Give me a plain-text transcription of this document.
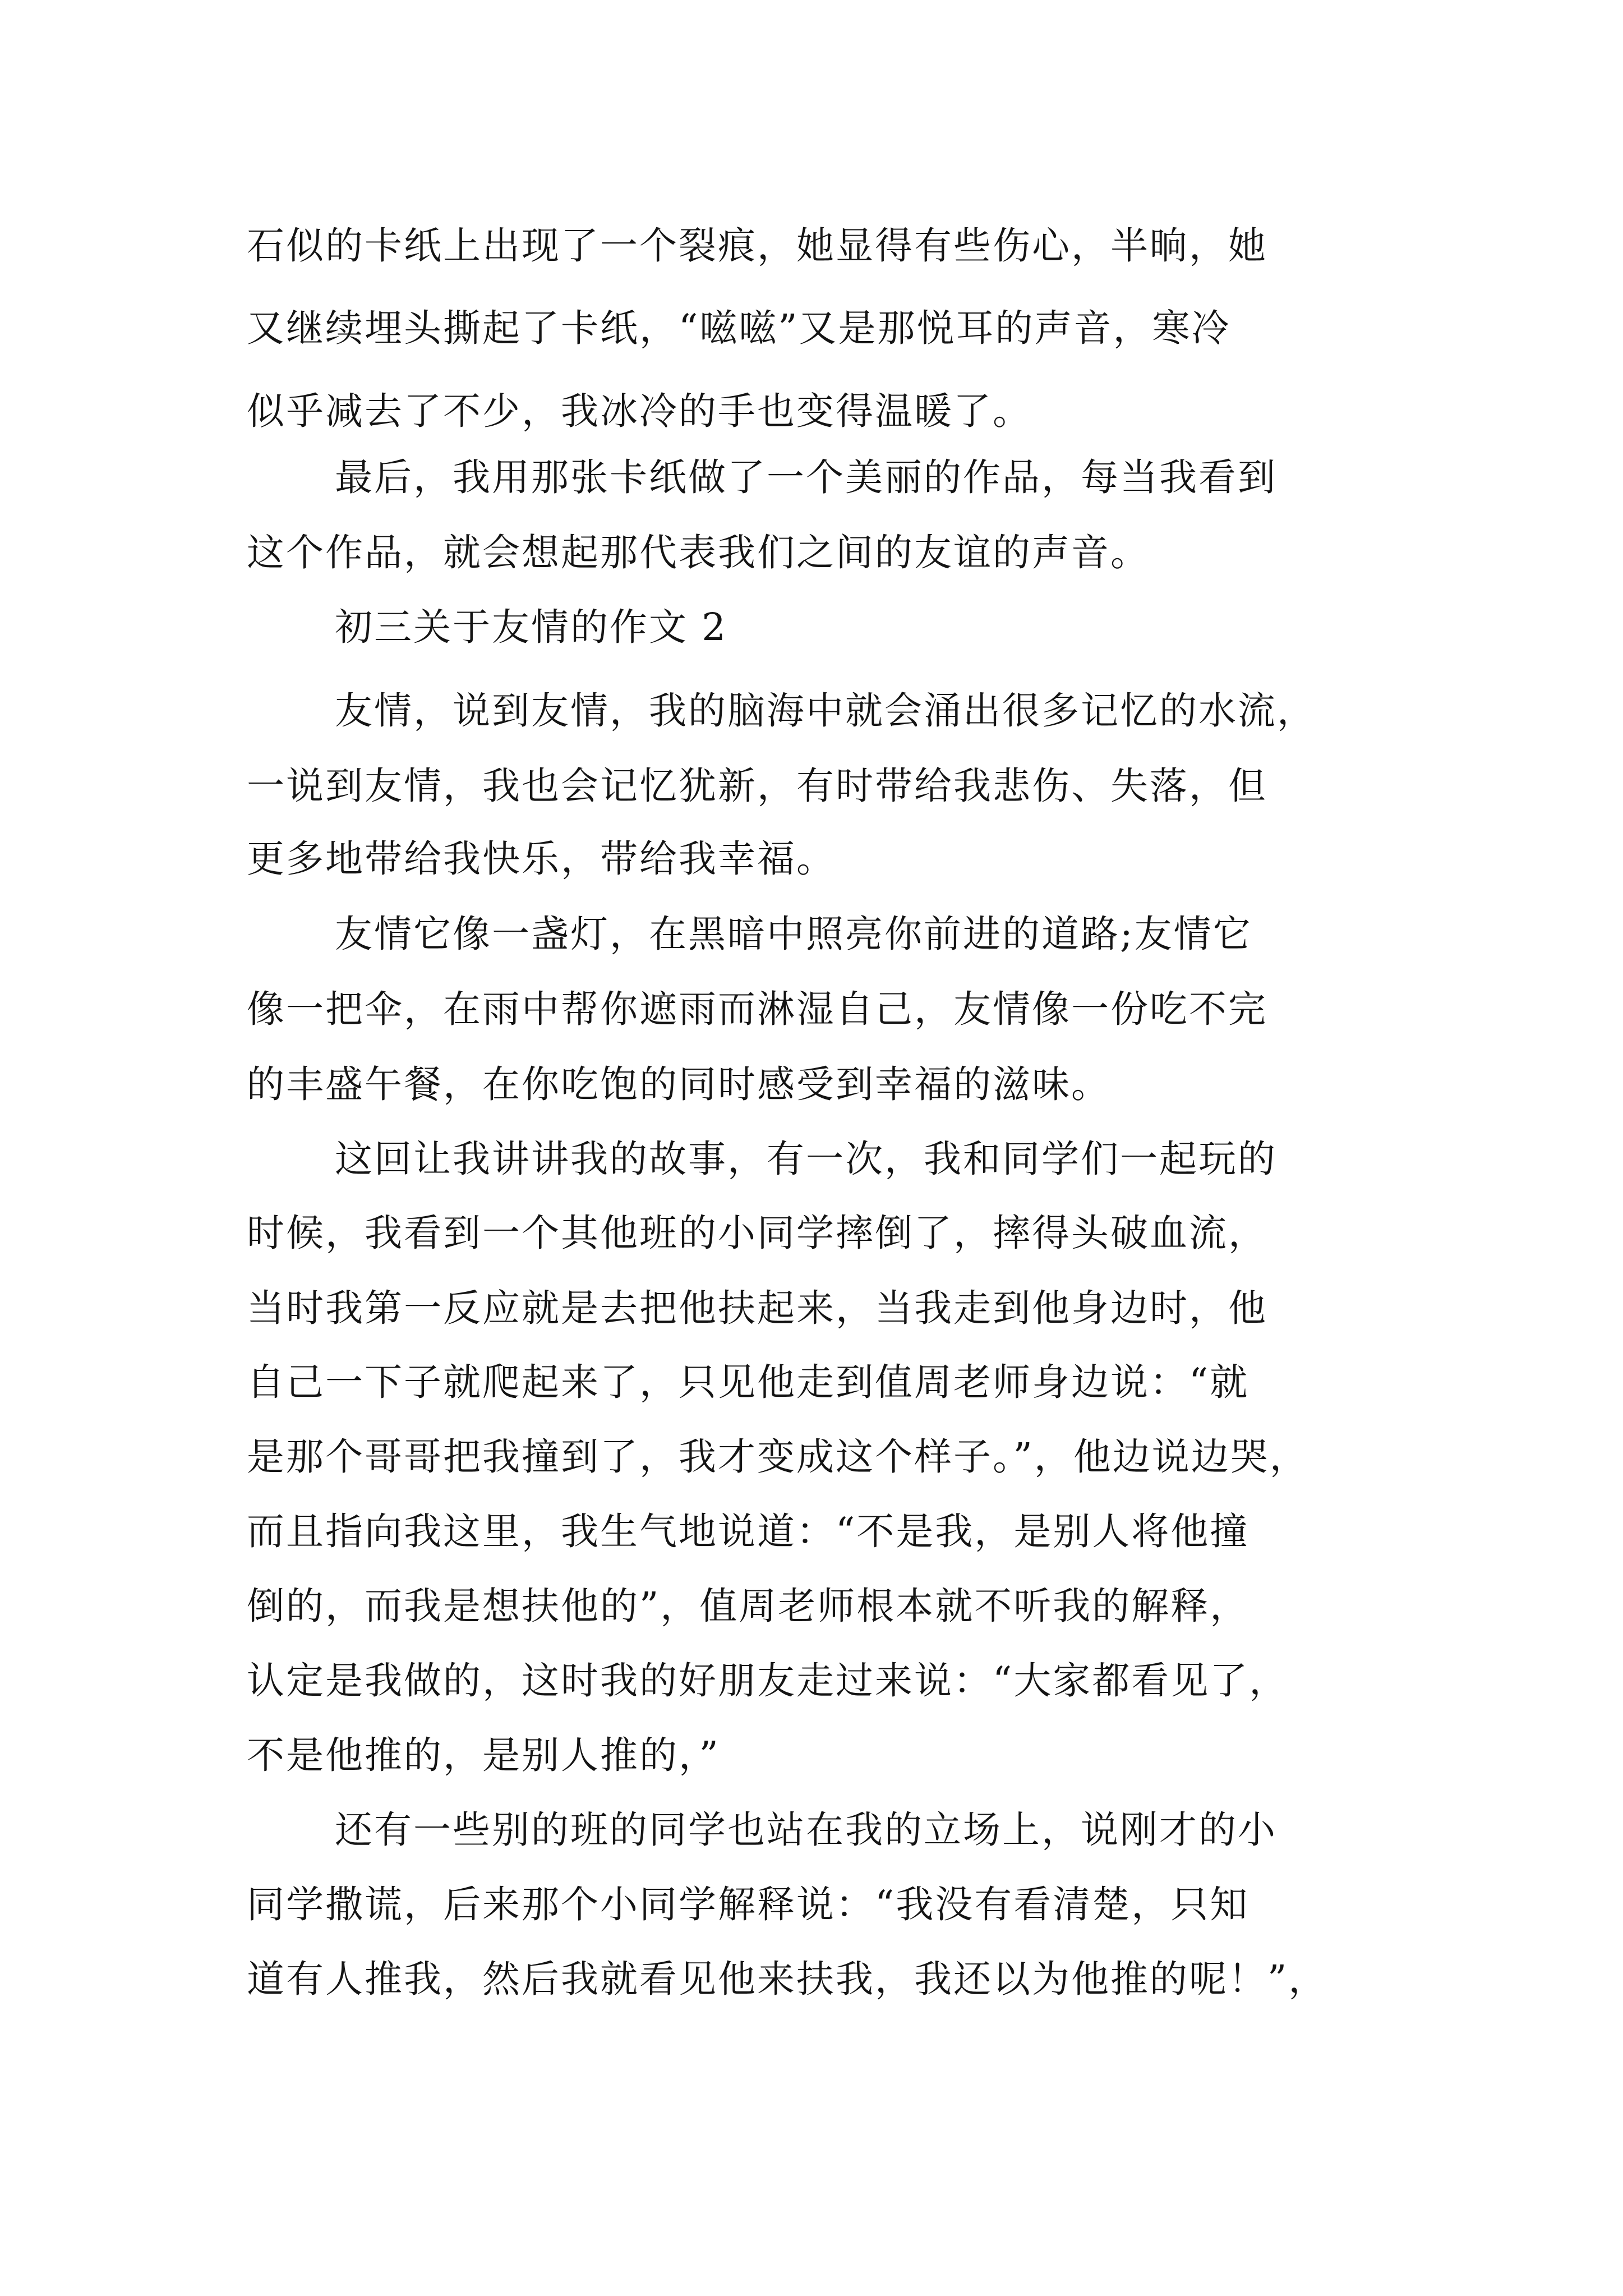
石似的卡纸上出现了一个裂痕，她显得有些伤心，半晌，她
又继续埋头撕起了卡纸，“嗞嗞”又是那悦耳的声音，寒冷
似乎减去了不少，我冰冷的手也变得温暖了。
最后，我用那张卡纸做了一个美丽的作品，每当我看到
这个作品，就会想起那代表我们之间的友谊的声音。
初三关于友情的作文 2
友情，说到友情，我的脑海中就会涌出很多记忆的水流，
一说到友情，我也会记忆犹新，有时带给我悲伤、失落，但
更多地带给我快乐，带给我幸福。
友情它像一盏灯，在黑暗中照亮你前进的道路;友情它
像一把伞，在雨中帮你遮雨而淋湿自己，友情像一份吃不完
的丰盛午餐，在你吃饱的同时感受到幸福的滋味。
这回让我讲讲我的故事，有一次，我和同学们一起玩的
时候，我看到一个其他班的小同学摔倒了，摔得头破血流，
当时我第一反应就是去把他扶起来，当我走到他身边时，他
自己一下子就爬起来了，只见他走到值周老师身边说：“就
是那个哥哥把我撞到了，我才变成这个样子。”，他边说边哭，
而且指向我这里，我生气地说道：“不是我，是别人将他撞
倒的，而我是想扶他的”，值周老师根本就不听我的解释，
认定是我做的，这时我的好朋友走过来说：“大家都看见了，
不是他推的，是别人推的，”
还有一些别的班的同学也站在我的立场上，说刚才的小
同学撒谎，后来那个小同学解释说：“我没有看清楚，只知
道有人推我，然后我就看见他来扶我，我还以为他推的呢！”，
